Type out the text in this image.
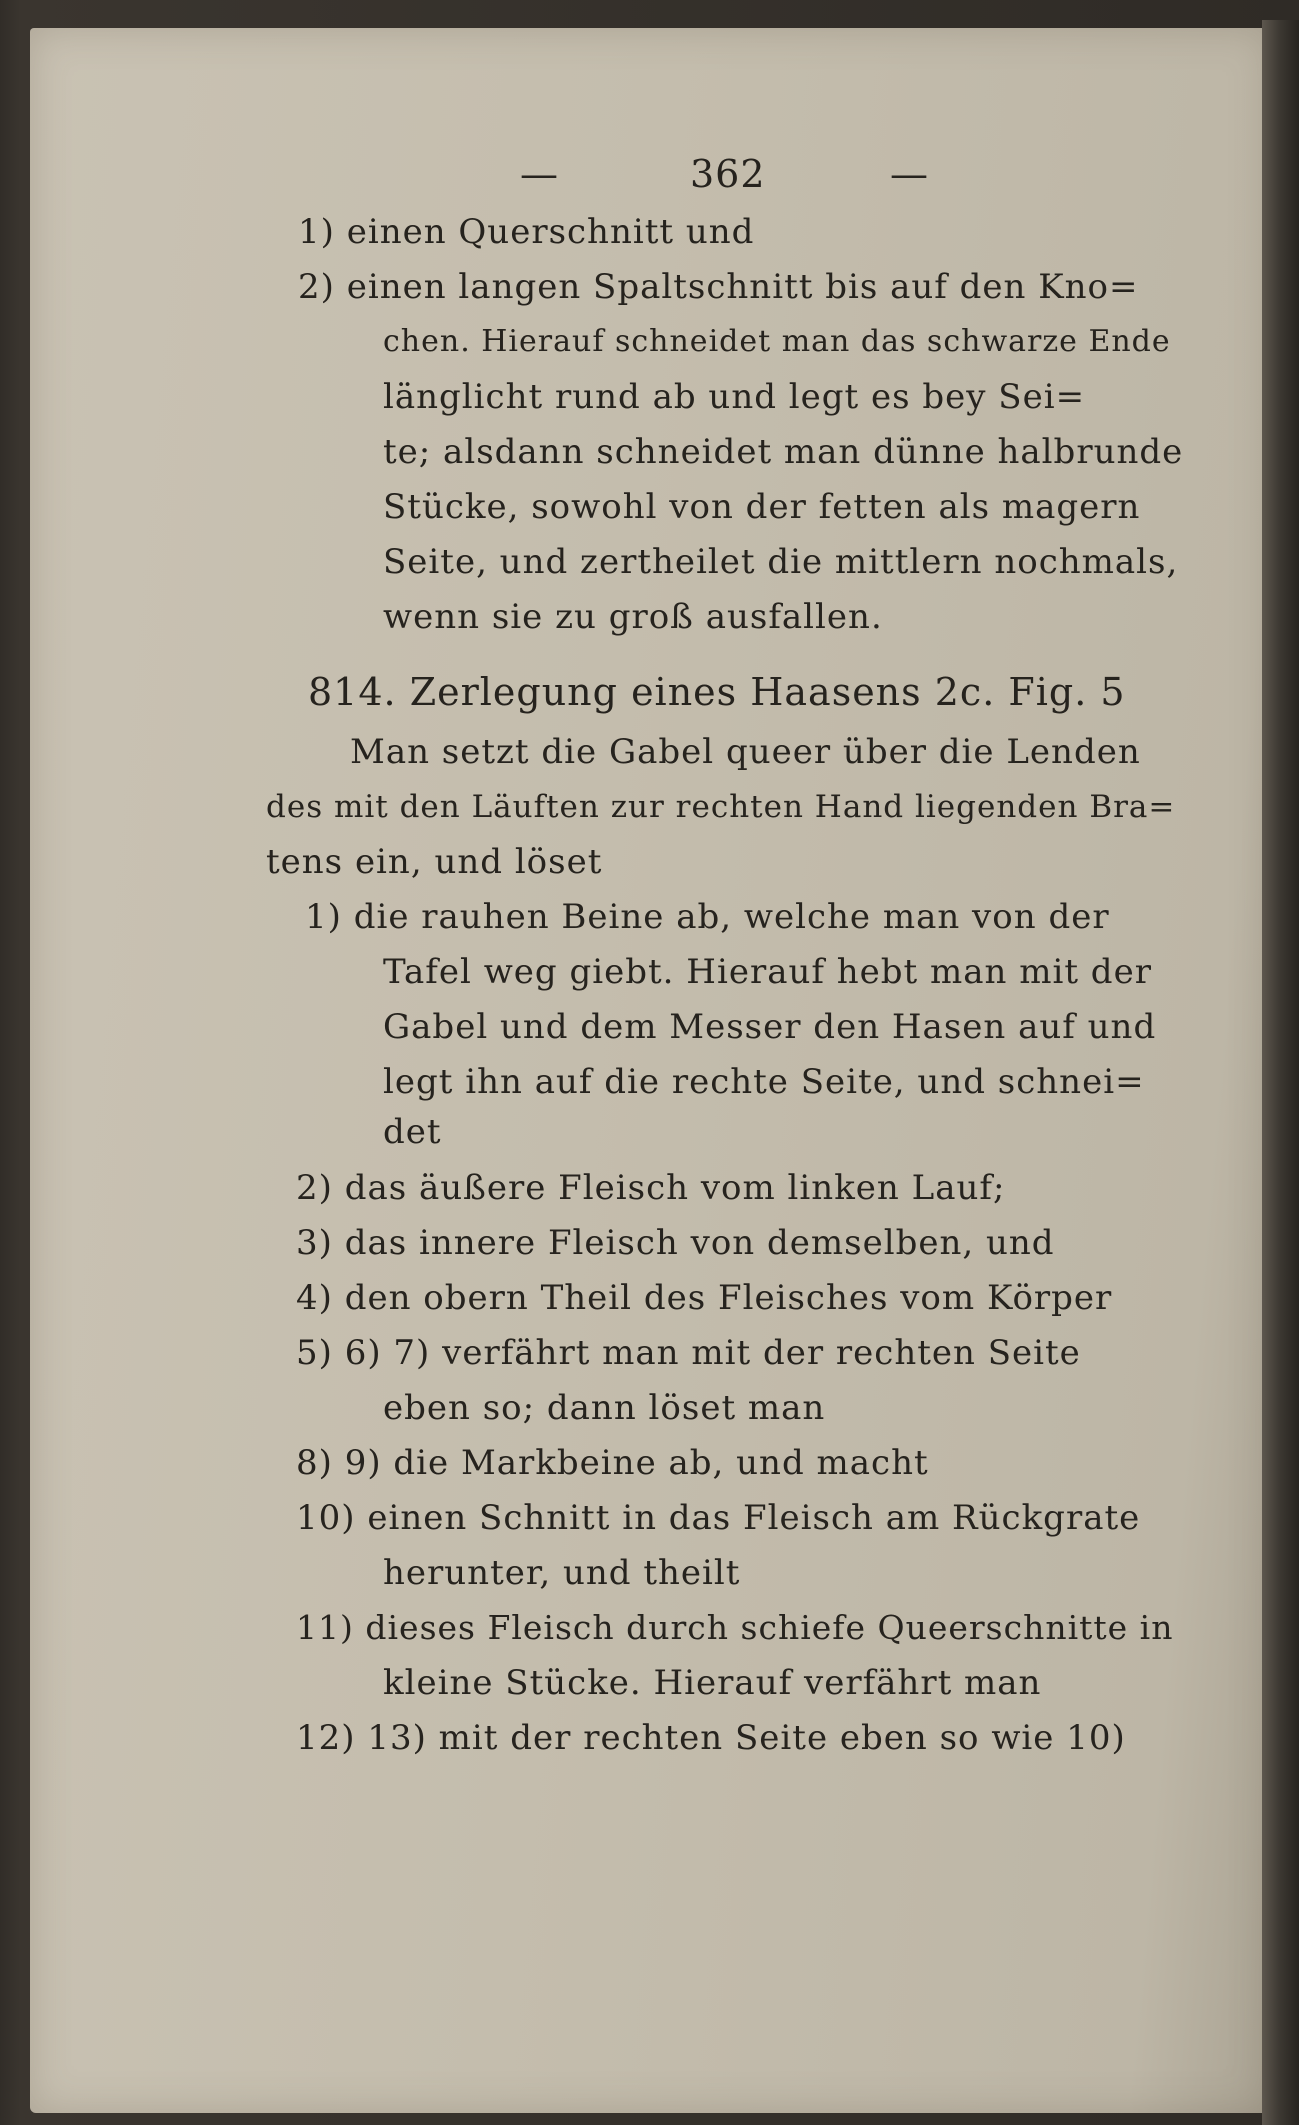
—	362	—
1) einen Querschnitt und
2) einen langen Spaltschnitt bis auf den Kno=
chen. Hierauf schneidet man das schwarze Ende
länglicht rund ab und legt es bey Sei=
te; alsdann schneidet man dünne halbrunde
Stücke, sowohl von der fetten als magern
Seite, und zertheilet die mittlern nochmals,
wenn sie zu groß ausfallen.
814. Zerlegung eines Haasens 2c. Fig. 5
Man setzt die Gabel queer über die Lenden
des mit den Läuften zur rechten Hand liegenden Bra=
tens ein, und löset
1) die rauhen Beine ab, welche man von der
Tafel weg giebt. Hierauf hebt man mit der
Gabel und dem Messer den Hasen auf und
legt ihn auf die rechte Seite, und schnei=
det
2) das äußere Fleisch vom linken Lauf;
3) das innere Fleisch von demselben, und
4) den obern Theil des Fleisches vom Körper
5) 6) 7) verfährt man mit der rechten Seite
eben so; dann löset man
8) 9) die Markbeine ab, und macht
10) einen Schnitt in das Fleisch am Rückgrate
herunter, und theilt
11) dieses Fleisch durch schiefe Queerschnitte in
kleine Stücke. Hierauf verfährt man
12) 13) mit der rechten Seite eben so wie 10)
